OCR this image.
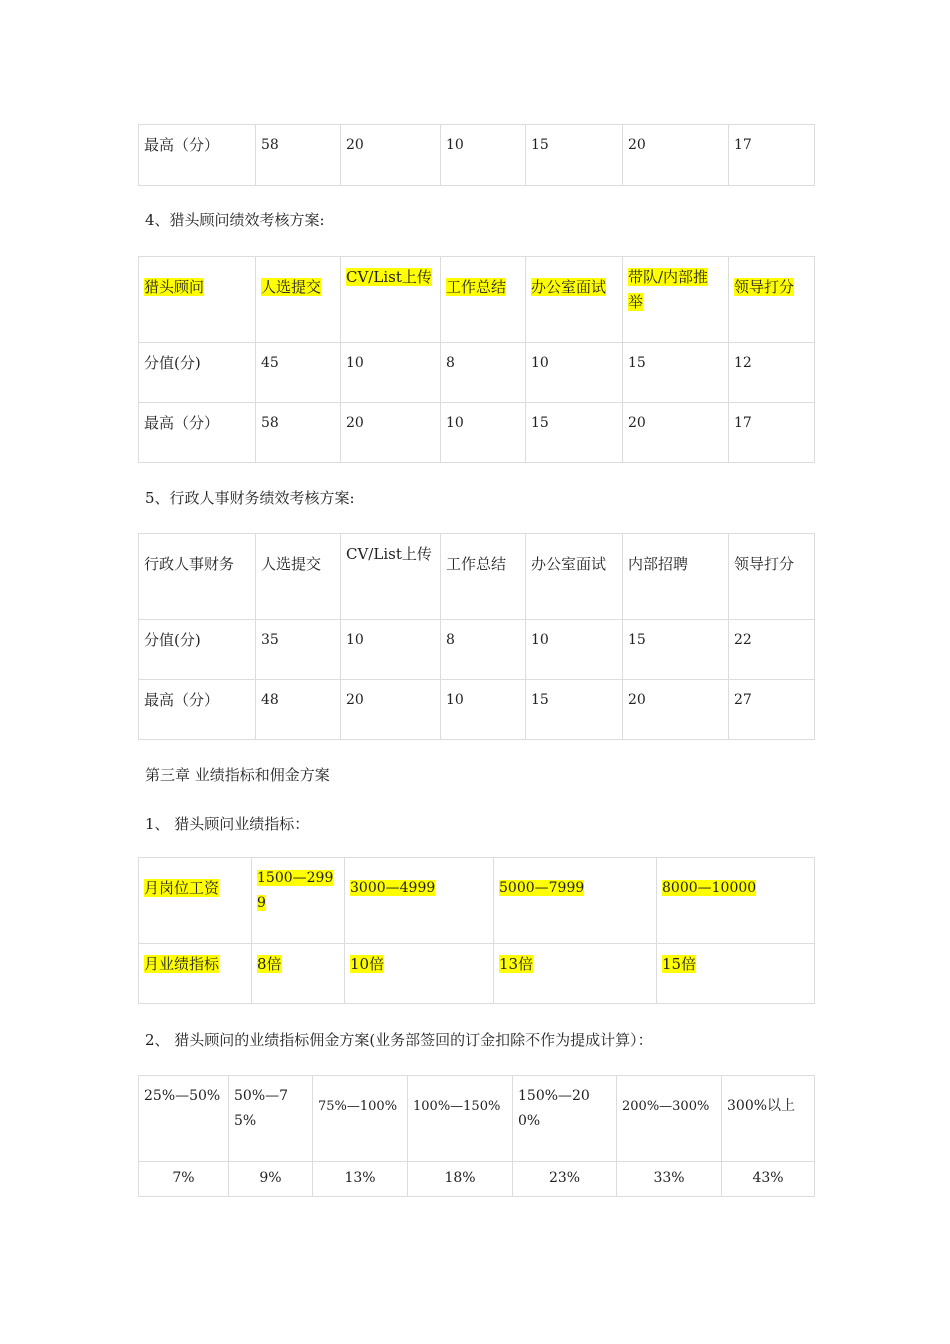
最高（分）	58	20	10	15	20	17
4、猎头顾问绩效考核方案:
猎头顾问	人选提交	CV/List上传	工作总结	办公室面试	带队/内部推举	领导打分
分值(分)	45	10	8	10	15	12
最高（分）	58	20	10	15	20	17
5、行政人事财务绩效考核方案:
行政人事财务	人选提交	CV/List上传	工作总结	办公室面试	内部招聘	领导打分
分值(分)	35	10	8	10	15	22
最高（分）	48	20	10	15	20	27
第三章 业绩指标和佣金方案
1、 猎头顾问业绩指标：
月岗位工资	1500—2999	3000—4999	5000—7999	8000—10000
月业绩指标	8倍	10倍	13倍	15倍
2、 猎头顾问的业绩指标佣金方案(业务部签回的订金扣除不作为提成计算）：
25%—50%	50%—75%	75%—100%	100%—150%	150%—200%	200%—300%	300%以上
7%	9%	13%	18%	23%	33%	43%
